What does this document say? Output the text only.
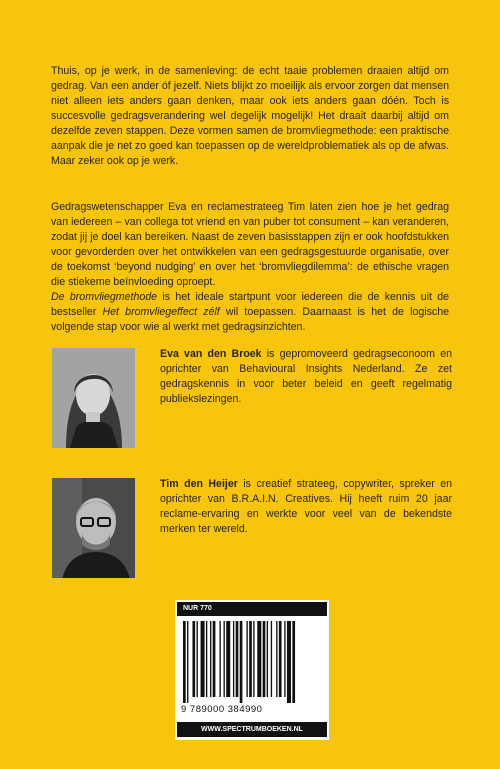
Thuis, op je werk, in de samenleving: de echt taaie problemen draaien altijd om gedrag. Van een ander óf jezelf. Niets blijkt zo moeilijk als ervoor zorgen dat mensen niet alleen iets anders gaan denken, maar ook iets anders gaan dóén. Toch is succesvolle gedragsverandering wel degelijk mogelijk! Het draait daarbij altijd om dezelfde zeven stappen. Deze vormen samen de bromvliegmethode: een praktische aanpak die je net zo goed kan toepassen op de wereldproblematiek als op de afwas. Maar zeker ook op je werk.

Gedragswetenschapper Eva en reclamestrateeg Tim laten zien hoe je het gedrag van iedereen – van collega tot vriend en van puber tot consument – kan veranderen, zodat jij je doel kan bereiken. Naast de zeven basisstappen zijn er ook hoofdstukken voor gevorderden over het ontwikkelen van een gedragsgestuurde organisatie, over de toekomst ‘beyond nudging’ en over het ‘bromvliegdilemma’: de ethische vragen die stiekeme beïnvloeding oproept.
De bromvliegmethode is het ideale startpunt voor iedereen die de kennis uit de bestseller Het bromvliegeffect zélf wil toepassen. Daarnaast is het de logische volgende stap voor wie al werkt met gedragsinzichten.

Eva van den Broek is gepromoveerd gedragseconoom en oprichter van Behavioural Insights Nederland. Ze zet gedragskennis in voor beter beleid en geeft regelmatig publiekslezingen.

Tim den Heijer is creatief strateeg, copywriter, spreker en oprichter van B.R.A.I.N. Creatives. Hij heeft ruim 20 jaar reclame-ervaring en werkte voor veel van de bekendste merken ter wereld.

NUR 770
9 789000 384990
WWW.SPECTRUMBOEKEN.NL
